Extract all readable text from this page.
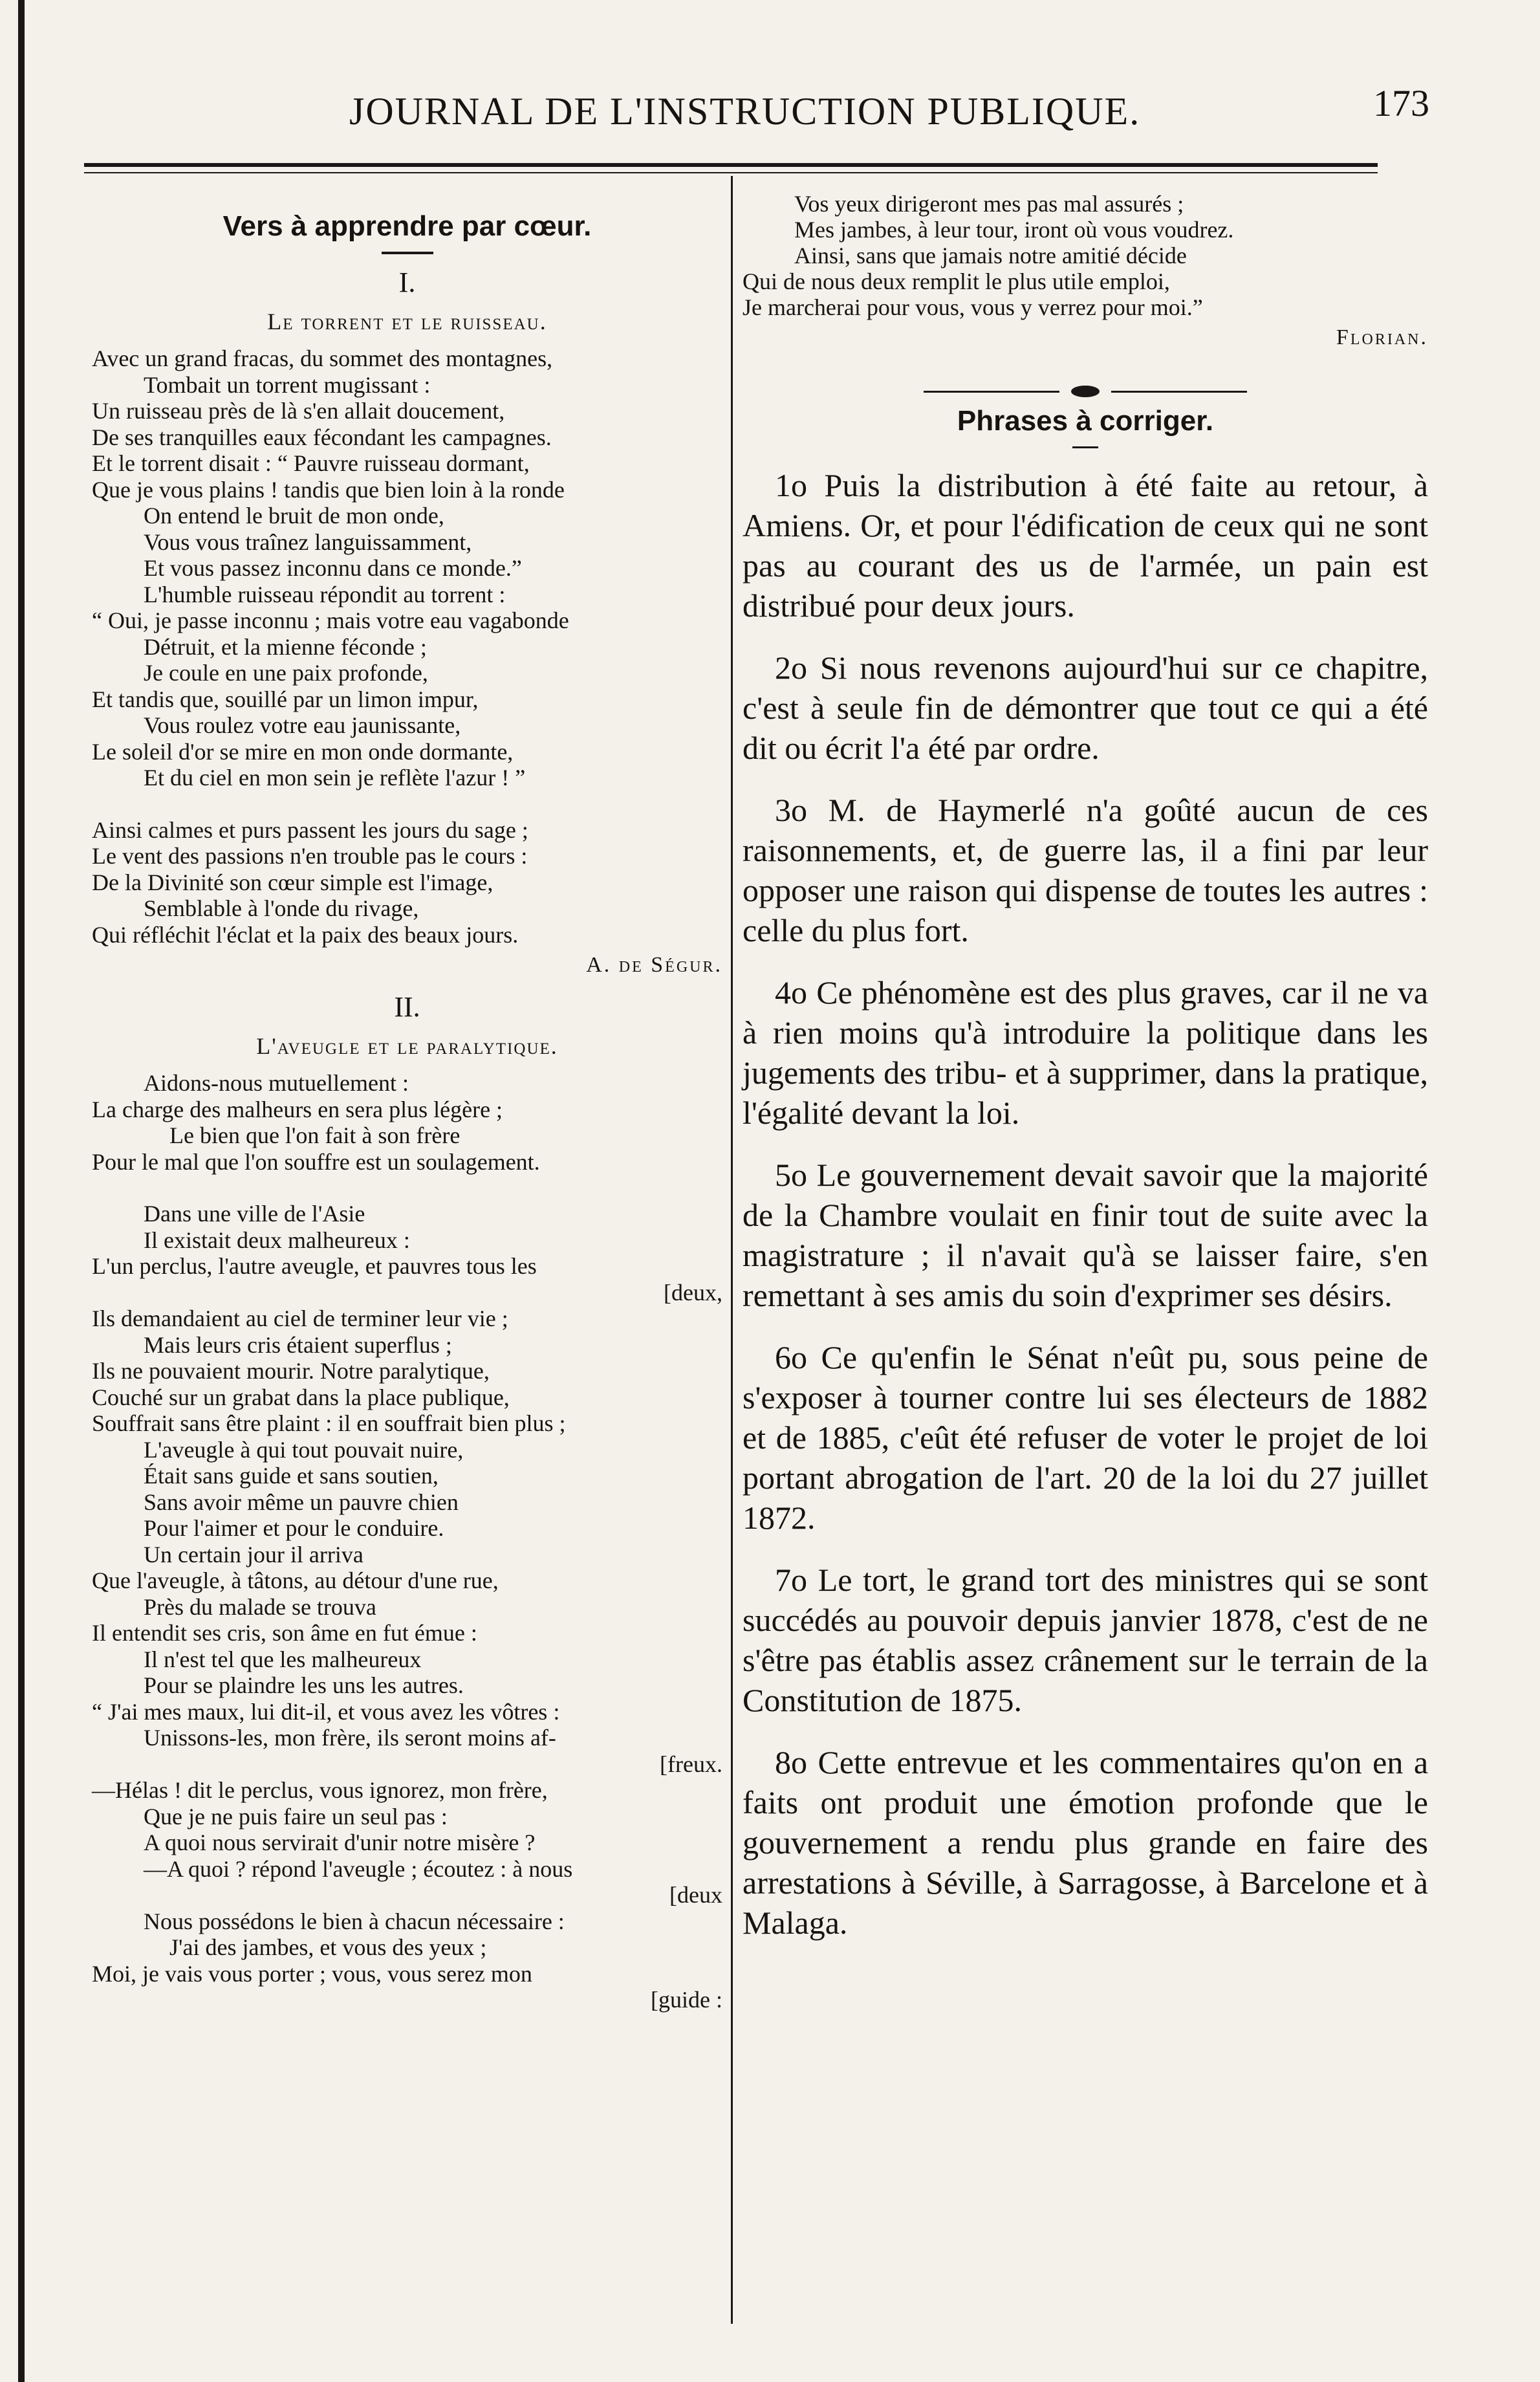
JOURNAL DE L'INSTRUCTION PUBLIQUE.	173
Vers à apprendre par cœur.
I.
Le torrent et le ruisseau.
Avec un grand fracas, du sommet des montagnes,
Tombait un torrent mugissant :
Un ruisseau près de là s'en allait doucement,
De ses tranquilles eaux fécondant les campagnes.
Et le torrent disait : “ Pauvre ruisseau dormant,
Que je vous plains ! tandis que bien loin à la ronde
On entend le bruit de mon onde,
Vous vous traînez languissamment,
Et vous passez inconnu dans ce monde.”
L'humble ruisseau répondit au torrent :
“ Oui, je passe inconnu ; mais votre eau vagabonde
Détruit, et la mienne féconde ;
Je coule en une paix profonde,
Et tandis que, souillé par un limon impur,
Vous roulez votre eau jaunissante,
Le soleil d'or se mire en mon onde dormante,
Et du ciel en mon sein je reflète l'azur ! ”
Ainsi calmes et purs passent les jours du sage ;
Le vent des passions n'en trouble pas le cours :
De la Divinité son cœur simple est l'image,
Semblable à l'onde du rivage,
Qui réfléchit l'éclat et la paix des beaux jours.
A. de Ségur.
II.
L'aveugle et le paralytique.
Aidons-nous mutuellement :
La charge des malheurs en sera plus légère ;
Le bien que l'on fait à son frère
Pour le mal que l'on souffre est un soulagement.
Dans une ville de l'Asie
Il existait deux malheureux :
L'un perclus, l'autre aveugle, et pauvres tous les
[deux,
Ils demandaient au ciel de terminer leur vie ;
Mais leurs cris étaient superflus ;
Ils ne pouvaient mourir. Notre paralytique,
Couché sur un grabat dans la place publique,
Souffrait sans être plaint : il en souffrait bien plus ;
L'aveugle à qui tout pouvait nuire,
Était sans guide et sans soutien,
Sans avoir même un pauvre chien
Pour l'aimer et pour le conduire.
Un certain jour il arriva
Que l'aveugle, à tâtons, au détour d'une rue,
Près du malade se trouva
Il entendit ses cris, son âme en fut émue :
Il n'est tel que les malheureux
Pour se plaindre les uns les autres.
“ J'ai mes maux, lui dit-il, et vous avez les vôtres :
Unissons-les, mon frère, ils seront moins af-
[freux.
—Hélas ! dit le perclus, vous ignorez, mon frère,
Que je ne puis faire un seul pas :
A quoi nous servirait d'unir notre misère ?
—A quoi ? répond l'aveugle ; écoutez : à nous
[deux
Nous possédons le bien à chacun nécessaire :
J'ai des jambes, et vous des yeux ;
Moi, je vais vous porter ; vous, vous serez mon
[guide :
Vos yeux dirigeront mes pas mal assurés ;
Mes jambes, à leur tour, iront où vous voudrez.
Ainsi, sans que jamais notre amitié décide
Qui de nous deux remplit le plus utile emploi,
Je marcherai pour vous, vous y verrez pour moi.”
Florian.
Phrases à corriger.
1o Puis la distribution à été faite au retour, à Amiens. Or, et pour l'édification de ceux qui ne sont pas au courant des us de l'armée, un pain est distribué pour deux jours.
2o Si nous revenons aujourd'hui sur ce chapitre, c'est à seule fin de démontrer que tout ce qui a été dit ou écrit l'a été par ordre.
3o M. de Haymerlé n'a goûté aucun de ces raisonnements, et, de guerre las, il a fini par leur opposer une raison qui dispense de toutes les autres : celle du plus fort.
4o Ce phénomène est des plus graves, car il ne va à rien moins qu'à introduire la politique dans les jugements des tribu- et à supprimer, dans la pratique, l'égalité devant la loi.
5o Le gouvernement devait savoir que la majorité de la Chambre voulait en finir tout de suite avec la magistrature ; il n'avait qu'à se laisser faire, s'en remettant à ses amis du soin d'exprimer ses désirs.
6o Ce qu'enfin le Sénat n'eût pu, sous peine de s'exposer à tourner contre lui ses électeurs de 1882 et de 1885, c'eût été refuser de voter le projet de loi portant abrogation de l'art. 20 de la loi du 27 juillet 1872.
7o Le tort, le grand tort des ministres qui se sont succédés au pouvoir depuis janvier 1878, c'est de ne s'être pas établis assez crânement sur le terrain de la Constitution de 1875.
8o Cette entrevue et les commentaires qu'on en a faits ont produit une émotion profonde que le gouvernement a rendu plus grande en faire des arrestations à Séville, à Sarragosse, à Barcelone et à Malaga.
